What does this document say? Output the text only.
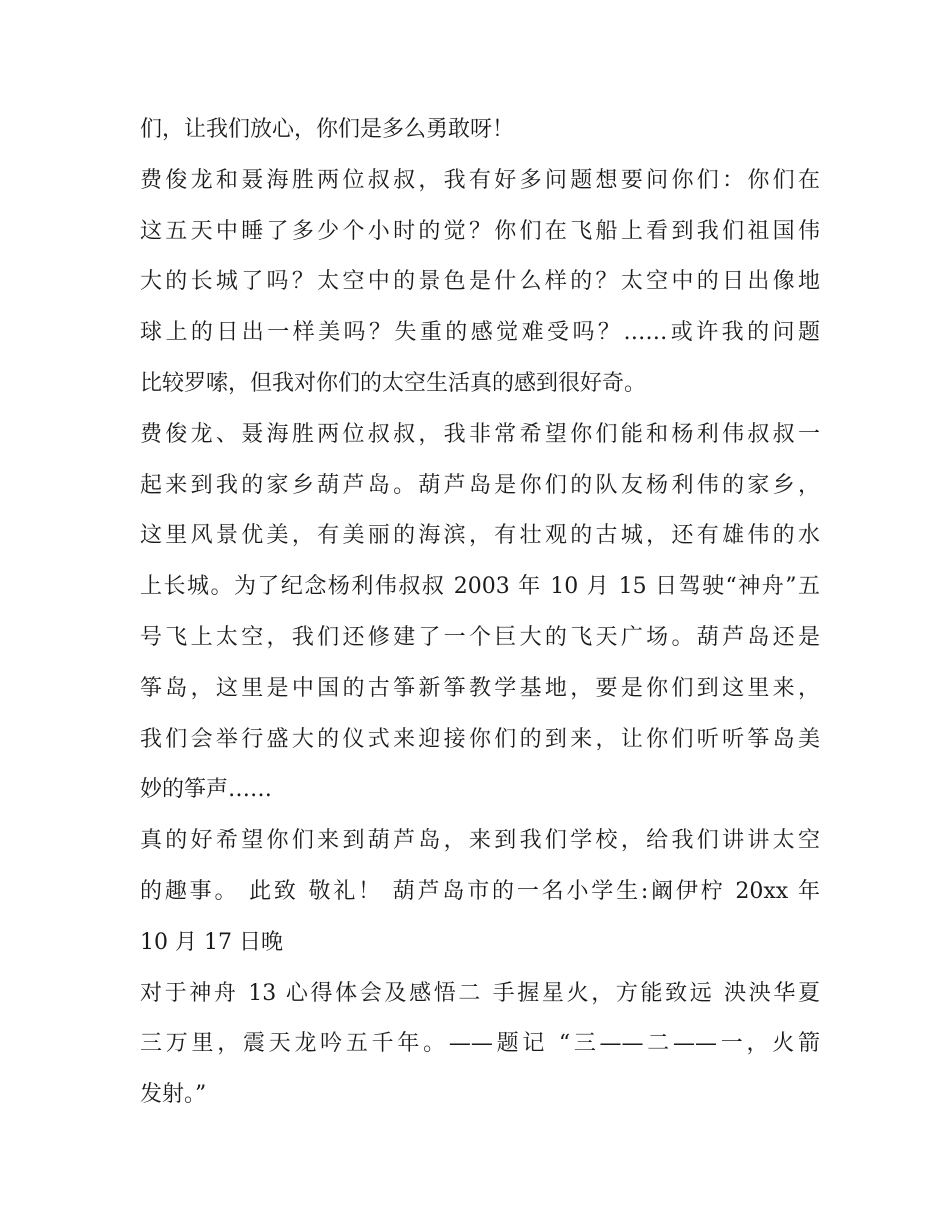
们，让我们放心，你们是多么勇敢呀！
费俊龙和聂海胜两位叔叔，我有好多问题想要问你们：你们在
这五天中睡了多少个小时的觉？你们在飞船上看到我们祖国伟
大的长城了吗？太空中的景色是什么样的？太空中的日出像地
球上的日出一样美吗？失重的感觉难受吗？……或许我的问题
比较罗嗦，但我对你们的太空生活真的感到很好奇。
费俊龙、聂海胜两位叔叔，我非常希望你们能和杨利伟叔叔一
起来到我的家乡葫芦岛。葫芦岛是你们的队友杨利伟的家乡，
这里风景优美，有美丽的海滨，有壮观的古城，还有雄伟的水
上长城。为了纪念杨利伟叔叔 2003 年 10 月 15 日驾驶“神舟”五
号飞上太空，我们还修建了一个巨大的飞天广场。葫芦岛还是
筝岛，这里是中国的古筝新筝教学基地，要是你们到这里来，
我们会举行盛大的仪式来迎接你们的到来，让你们听听筝岛美
妙的筝声……
真的好希望你们来到葫芦岛，来到我们学校，给我们讲讲太空
的趣事。 此致 敬礼！ 葫芦岛市的一名小学生:阚伊柠 20xx 年
10 月 17 日晚
对于神舟 13 心得体会及感悟二 手握星火，方能致远 泱泱华夏
三万里，震天龙吟五千年。——题记 “三——二——一，火箭
发射。”
